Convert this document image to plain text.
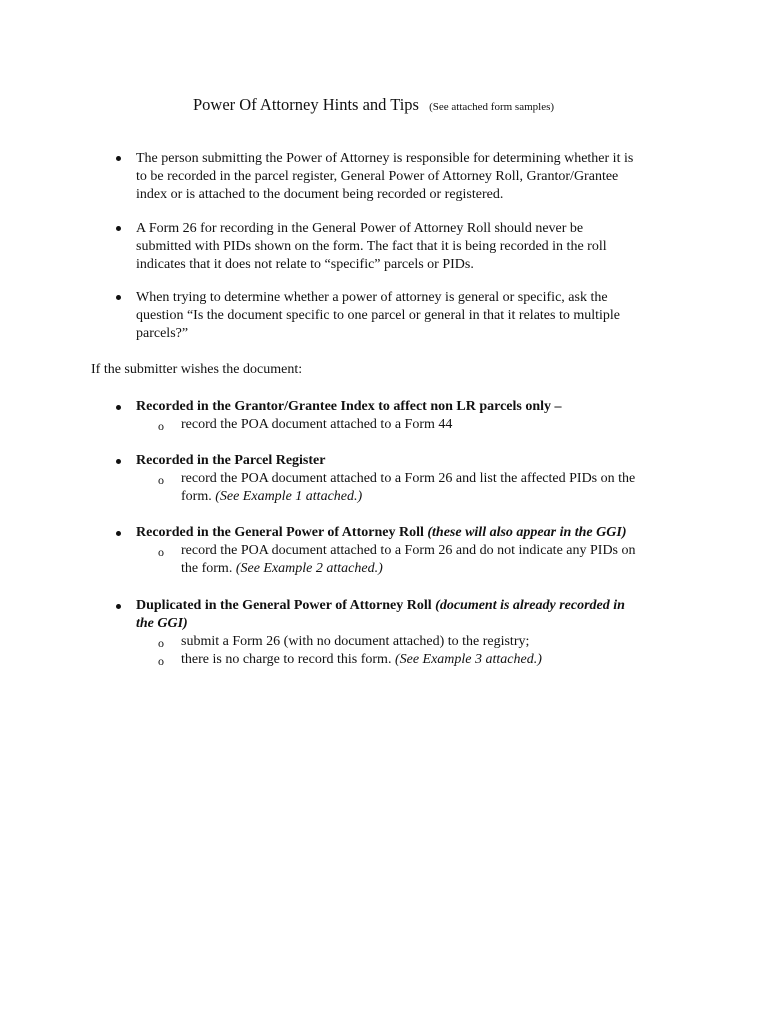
Power Of Attorney Hints and Tips (See attached form samples)
The person submitting the Power of Attorney is responsible for determining whether it is
to be recorded in the parcel register, General Power of Attorney Roll, Grantor/Grantee
index or is attached to the document being recorded or registered.
A Form 26 for recording in the General Power of Attorney Roll should never be
submitted with PIDs shown on the form. The fact that it is being recorded in the roll
indicates that it does not relate to “specific” parcels or PIDs.
When trying to determine whether a power of attorney is general or specific, ask the
question “Is the document specific to one parcel or general in that it relates to multiple
parcels?”
If the submitter wishes the document:
Recorded in the Grantor/Grantee Index to affect non LR parcels only –
o record the POA document attached to a Form 44
Recorded in the Parcel Register
o record the POA document attached to a Form 26 and list the affected PIDs on the
form. (See Example 1 attached.)
Recorded in the General Power of Attorney Roll (these will also appear in the GGI)
o record the POA document attached to a Form 26 and do not indicate any PIDs on
the form. (See Example 2 attached.)
Duplicated in the General Power of Attorney Roll (document is already recorded in
the GGI)
o submit a Form 26 (with no document attached) to the registry;
o there is no charge to record this form. (See Example 3 attached.)
